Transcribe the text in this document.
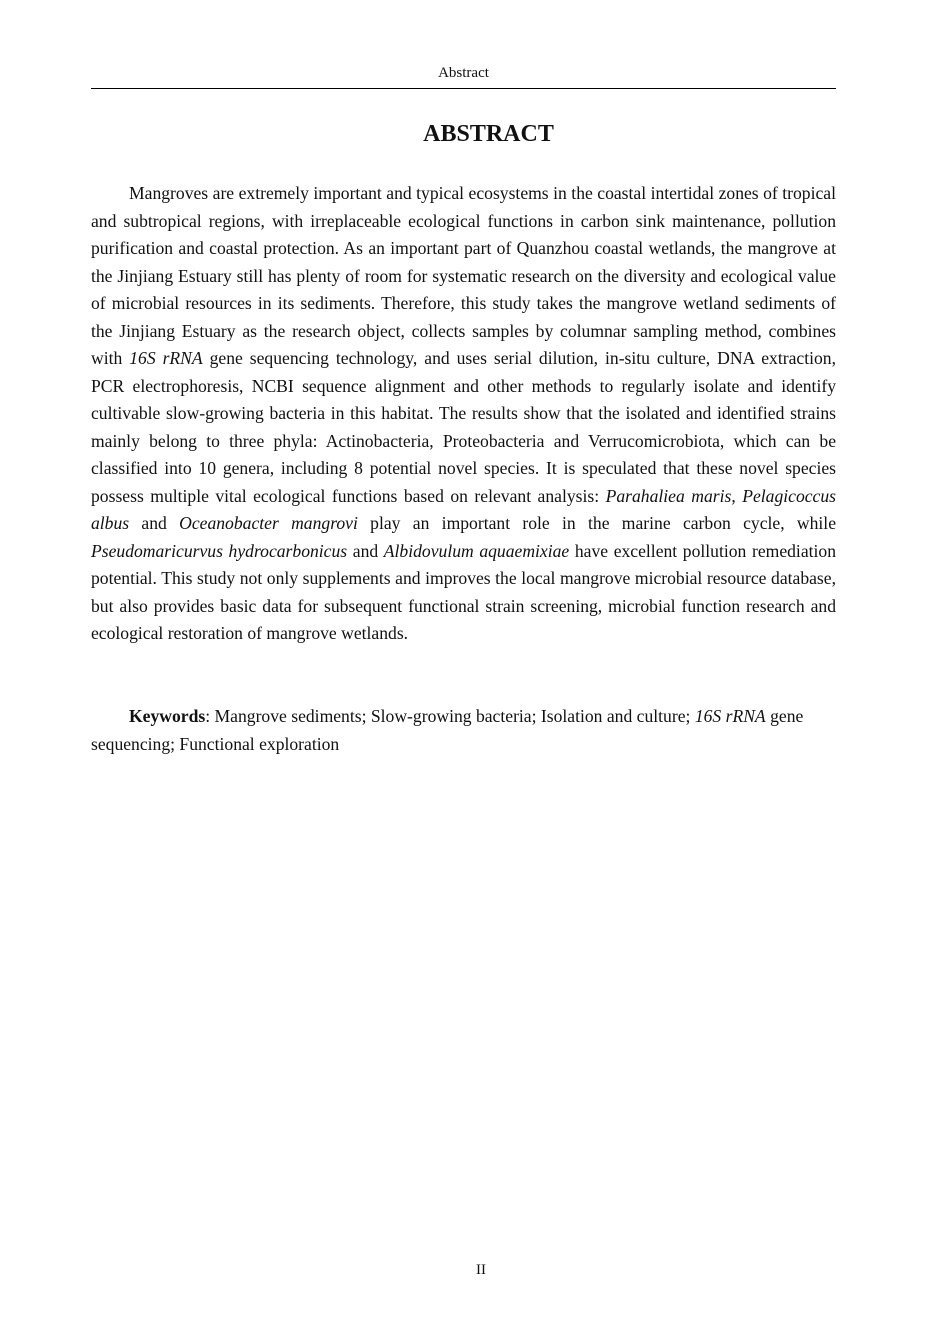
Abstract
ABSTRACT

Mangroves are extremely important and typical ecosystems in the coastal intertidal zones of tropical and subtropical regions, with irreplaceable ecological functions in carbon sink maintenance, pollution purification and coastal protection. As an important part of Quanzhou coastal wetlands, the mangrove at the Jinjiang Estuary still has plenty of room for systematic research on the diversity and ecological value of microbial resources in its sediments. Therefore, this study takes the mangrove wetland sediments of the Jinjiang Estuary as the research object, collects samples by columnar sampling method, combines with 16S rRNA gene sequencing technology, and uses serial dilution, in-situ culture, DNA extraction, PCR electrophoresis, NCBI sequence alignment and other methods to regularly isolate and identify cultivable slow-growing bacteria in this habitat. The results show that the isolated and identified strains mainly belong to three phyla: Actinobacteria, Proteobacteria and Verrucomicrobiota, which can be classified into 10 genera, including 8 potential novel species. It is speculated that these novel species possess multiple vital ecological functions based on relevant analysis: Parahaliea maris, Pelagicoccus albus and Oceanobacter mangrovi play an important role in the marine carbon cycle, while Pseudomaricurvus hydrocarbonicus and Albidovulum aquaemixiae have excellent pollution remediation potential. This study not only supplements and improves the local mangrove microbial resource database, but also provides basic data for subsequent functional strain screening, microbial function research and ecological restoration of mangrove wetlands.

Keywords: Mangrove sediments; Slow-growing bacteria; Isolation and culture; 16S rRNA gene sequencing; Functional exploration

II
